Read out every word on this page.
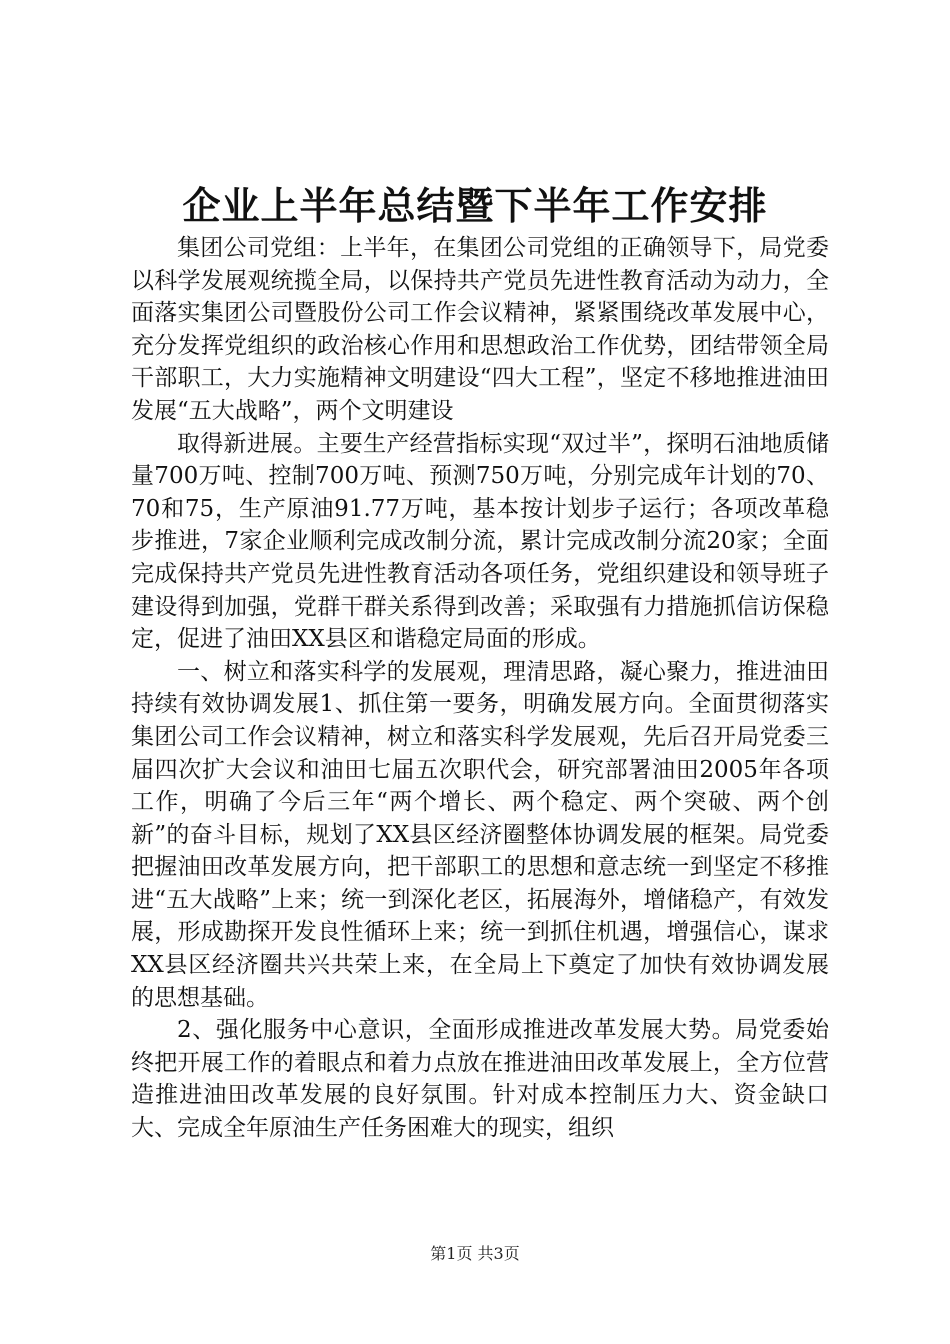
企业上半年总结暨下半年工作安排

集团公司党组：上半年，在集团公司党组的正确领导下，局党委以科学发展观统揽全局，以保持共产党员先进性教育活动为动力，全面落实集团公司暨股份公司工作会议精神，紧紧围绕改革发展中心，充分发挥党组织的政治核心作用和思想政治工作优势，团结带领全局干部职工，大力实施精神文明建设“四大工程”，坚定不移地推进油田发展“五大战略”，两个文明建设

取得新进展。主要生产经营指标实现“双过半”，探明石油地质储量700万吨、控制700万吨、预测750万吨，分别完成年计划的70、70和75，生产原油91.77万吨，基本按计划步子运行；各项改革稳步推进，7家企业顺利完成改制分流，累计完成改制分流20家；全面完成保持共产党员先进性教育活动各项任务，党组织建设和领导班子建设得到加强，党群干群关系得到改善；采取强有力措施抓信访保稳定，促进了油田XX县区和谐稳定局面的形成。

一、树立和落实科学的发展观，理清思路，凝心聚力，推进油田持续有效协调发展1、抓住第一要务，明确发展方向。全面贯彻落实集团公司工作会议精神，树立和落实科学发展观，先后召开局党委三届四次扩大会议和油田七届五次职代会，研究部署油田2005年各项工作，明确了今后三年“两个增长、两个稳定、两个突破、两个创新”的奋斗目标，规划了XX县区经济圈整体协调发展的框架。局党委把握油田改革发展方向，把干部职工的思想和意志统一到坚定不移推进“五大战略”上来；统一到深化老区，拓展海外，增储稳产，有效发展，形成勘探开发良性循环上来；统一到抓住机遇，增强信心，谋求XX县区经济圈共兴共荣上来，在全局上下奠定了加快有效协调发展的思想基础。

2、强化服务中心意识，全面形成推进改革发展大势。局党委始终把开展工作的着眼点和着力点放在推进油田改革发展上，全方位营造推进油田改革发展的良好氛围。针对成本控制压力大、资金缺口大、完成全年原油生产任务困难大的现实，组织

第1页 共3页
